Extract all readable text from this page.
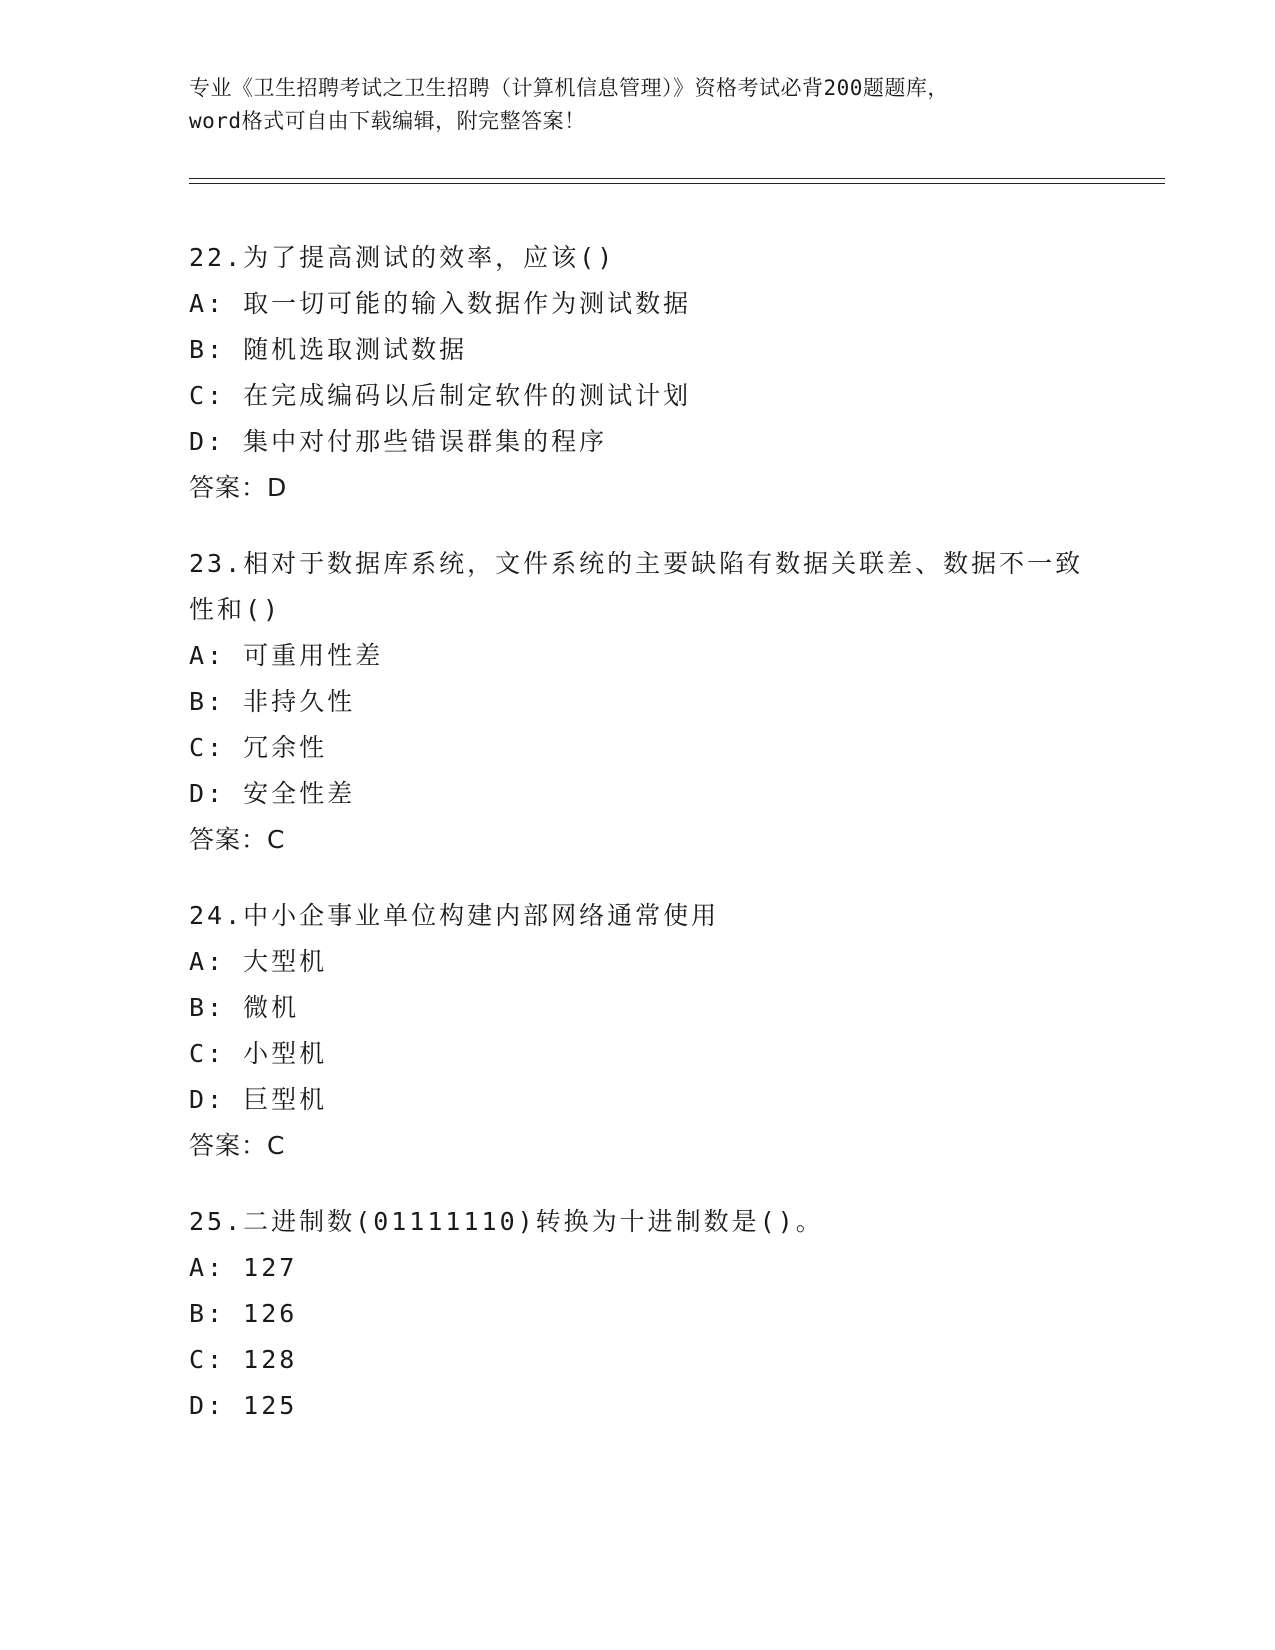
专业《卫生招聘考试之卫生招聘（计算机信息管理）》资格考试必背200题题库，
word格式可自由下载编辑，附完整答案！
22.为了提高测试的效率，应该()
A: 取一切可能的输入数据作为测试数据
B: 随机选取测试数据
C: 在完成编码以后制定软件的测试计划
D: 集中对付那些错误群集的程序
答案：D
23.相对于数据库系统，文件系统的主要缺陷有数据关联差、数据不一致性和()
A: 可重用性差
B: 非持久性
C: 冗余性
D: 安全性差
答案：C
24.中小企事业单位构建内部网络通常使用
A: 大型机
B: 微机
C: 小型机
D: 巨型机
答案：C
25.二进制数(01111110)转换为十进制数是()。
A: 127
B: 126
C: 128
D: 125
